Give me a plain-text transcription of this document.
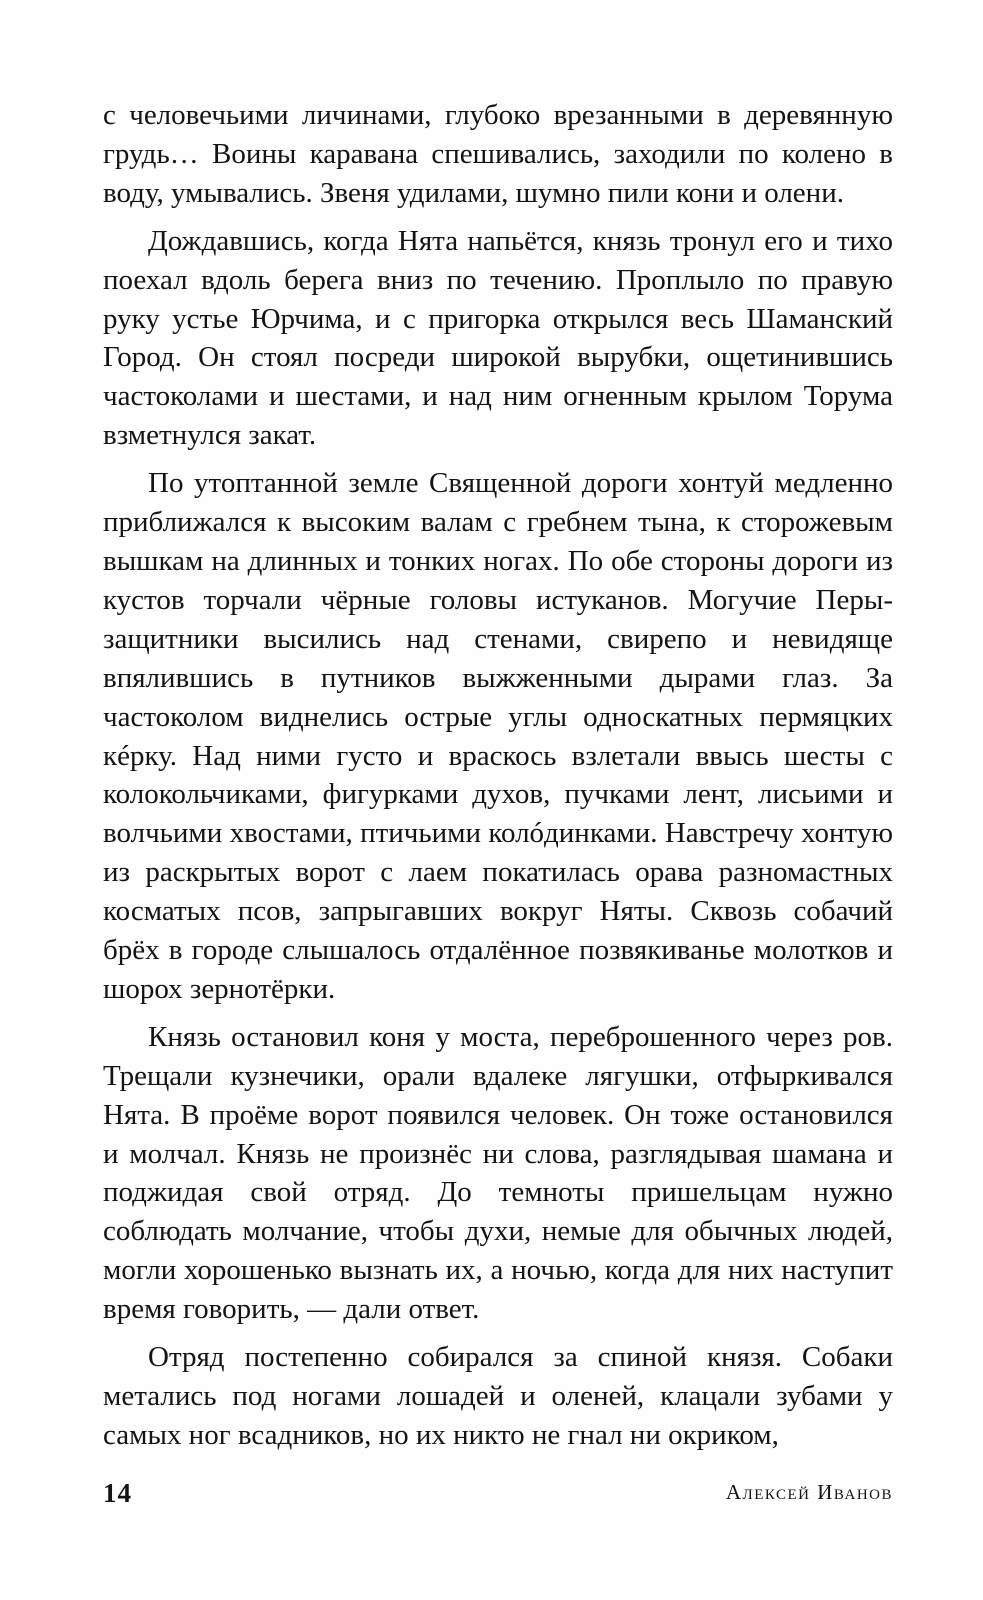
с человечьими личинами, глубоко врезанными в деревянную грудь… Воины каравана спешивались, заходили по колено в воду, умывались. Звеня удилами, шумно пили кони и олени.

Дождавшись, когда Нята напьётся, князь тронул его и тихо поехал вдоль берега вниз по течению. Проплыло по правую руку устье Юрчима, и с пригорка открылся весь Шаманский Город. Он стоял посреди широкой вырубки, ощетинившись частоколами и шестами, и над ним огненным крылом Торума взметнулся закат.

По утоптанной земле Священной дороги хонтуй медленно приближался к высоким валам с гребнем тына, к сторожевым вышкам на длинных и тонких ногах. По обе стороны дороги из кустов торчали чёрные головы истуканов. Могучие Перы-защитники высились над стенами, свирепо и невидяще впялившись в путников выжженными дырами глаз. За частоколом виднелись острые углы односкатных пермяцких кéрку. Над ними густо и враскось взлетали ввысь шесты с колокольчиками, фигурками духов, пучками лент, лисьими и волчьими хвостами, птичьими колóдинками. Навстречу хонтую из раскрытых ворот с лаем покатилась орава разномастных косматых псов, запрыгавших вокруг Няты. Сквозь собачий брёх в городе слышалось отдалённое позвякиванье молотков и шорох зернотёрки.

Князь остановил коня у моста, переброшенного через ров. Трещали кузнечики, орали вдалеке лягушки, отфыркивался Нята. В проёме ворот появился человек. Он тоже остановился и молчал. Князь не произнёс ни слова, разглядывая шамана и поджидая свой отряд. До темноты пришельцам нужно соблюдать молчание, чтобы духи, немые для обычных людей, могли хорошенько вызнать их, а ночью, когда для них наступит время говорить, — дали ответ.

Отряд постепенно собирался за спиной князя. Собаки метались под ногами лошадей и оленей, клацали зубами у самых ног всадников, но их никто не гнал ни окриком,

14	Алексей Иванов
